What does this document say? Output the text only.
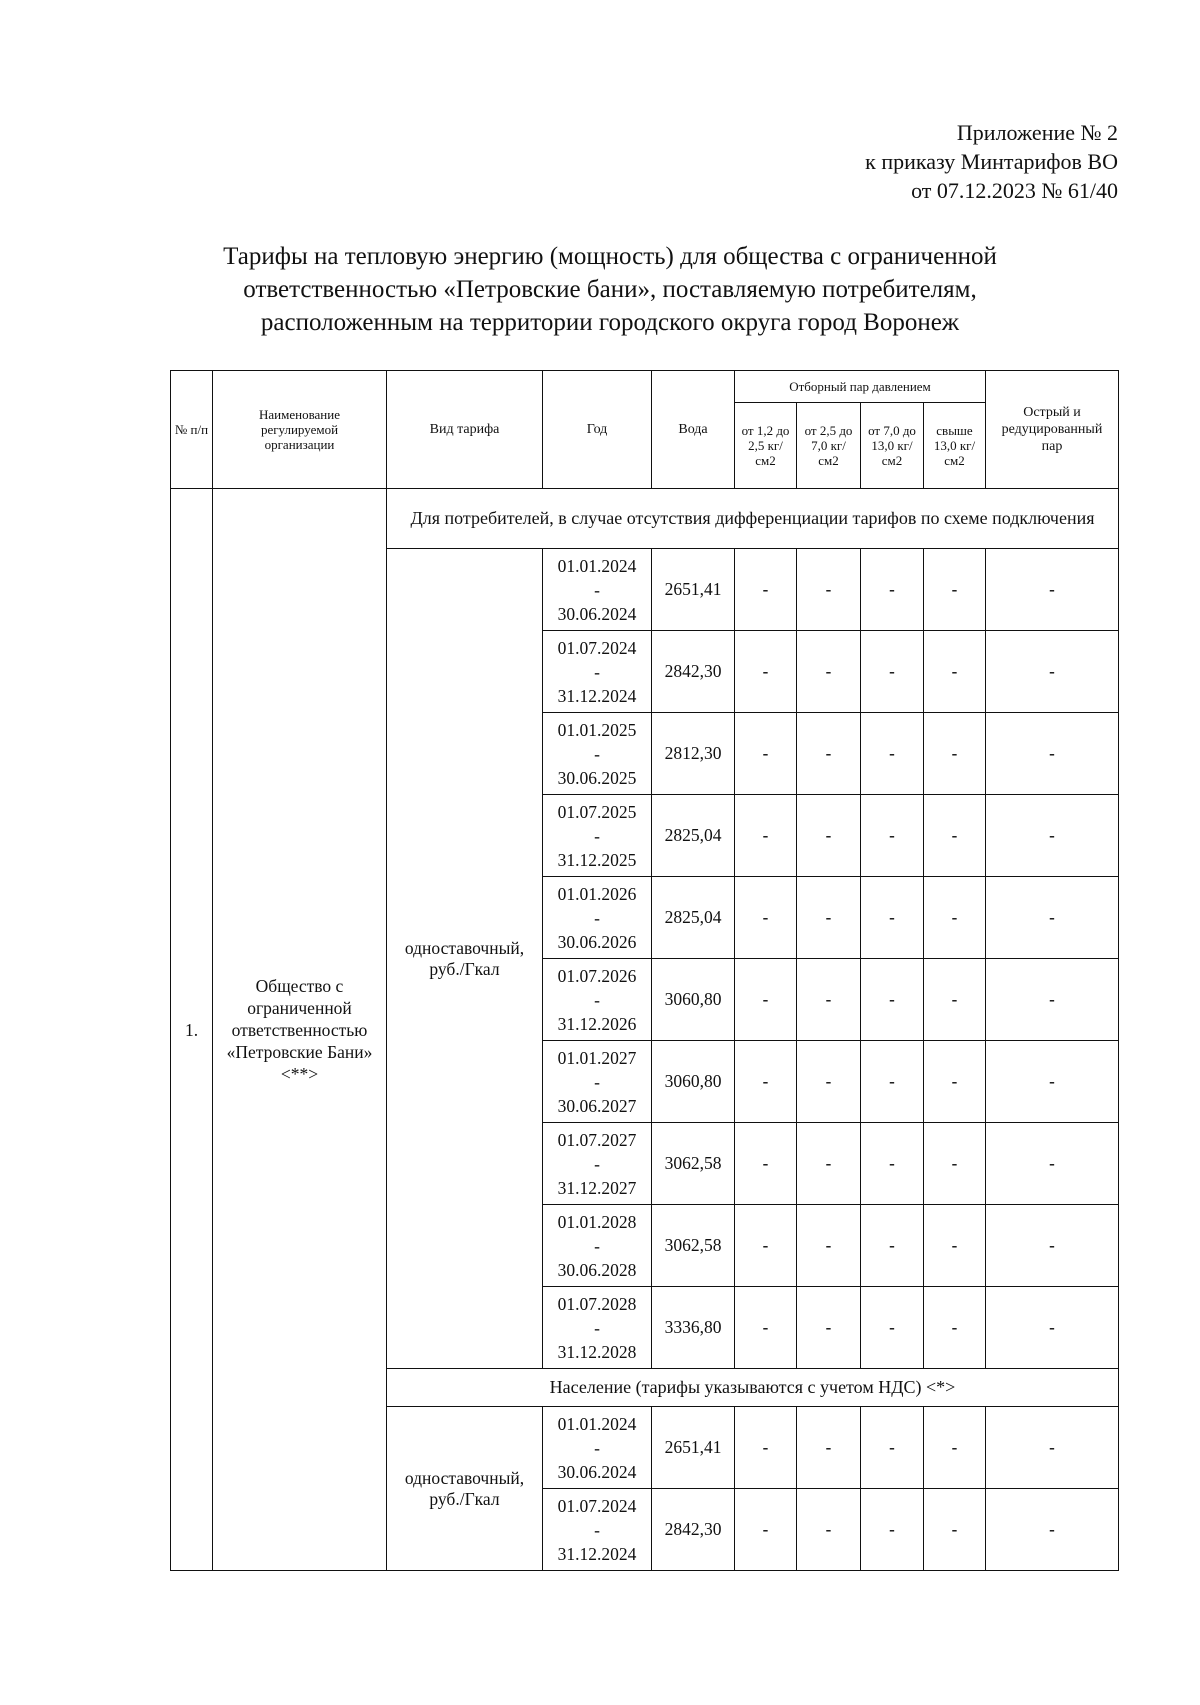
Приложение № 2
к приказу Минтарифов ВО
от 07.12.2023 № 61/40
Тарифы на тепловую энергию (мощность) для общества с ограниченной
ответственностью «Петровские бани», поставляемую потребителям,
расположенным на территории городского округа город Воронеж
№ п/п	Наименование регулируемой организации	Вид тарифа	Год	Вода	Отборный пар давлением				Острый и редуцированный пар
					от 1,2 до 2,5 кг/см2	от 2,5 до 7,0 кг/см2	от 7,0 до 13,0 кг/см2	свыше 13,0 кг/см2	
1.	Общество с ограниченной ответственностью «Петровские Бани» <**>	Для потребителей, в случае отсутствия дифференциации тарифов по схеме подключения							
		одноставочный, руб./Гкал	01.01.2024
-
30.06.2024	2651,41	-	-	-	-	-

			01.07.2024
-
31.12.2024	2842,30	-	-	-	-	-

			01.01.2025
-
30.06.2025	2812,30	-	-	-	-	-

			01.07.2025
-
31.12.2025	2825,04	-	-	-	-	-

			01.01.2026
-
30.06.2026	2825,04	-	-	-	-	-

			01.07.2026
-
31.12.2026	3060,80	-	-	-	-	-

			01.01.2027
-
30.06.2027	3060,80	-	-	-	-	-

			01.07.2027
-
31.12.2027	3062,58	-	-	-	-	-

			01.01.2028
-
30.06.2028	3062,58	-	-	-	-	-

			01.07.2028
-
31.12.2028	3336,80	-	-	-	-	-
		Население (тарифы указываются с учетом НДС) <*>							
		одноставочный, руб./Гкал	01.01.2024
-
30.06.2024	2651,41	-	-	-	-	-

			01.07.2024
-
31.12.2024	2842,30	-	-	-	-	-
